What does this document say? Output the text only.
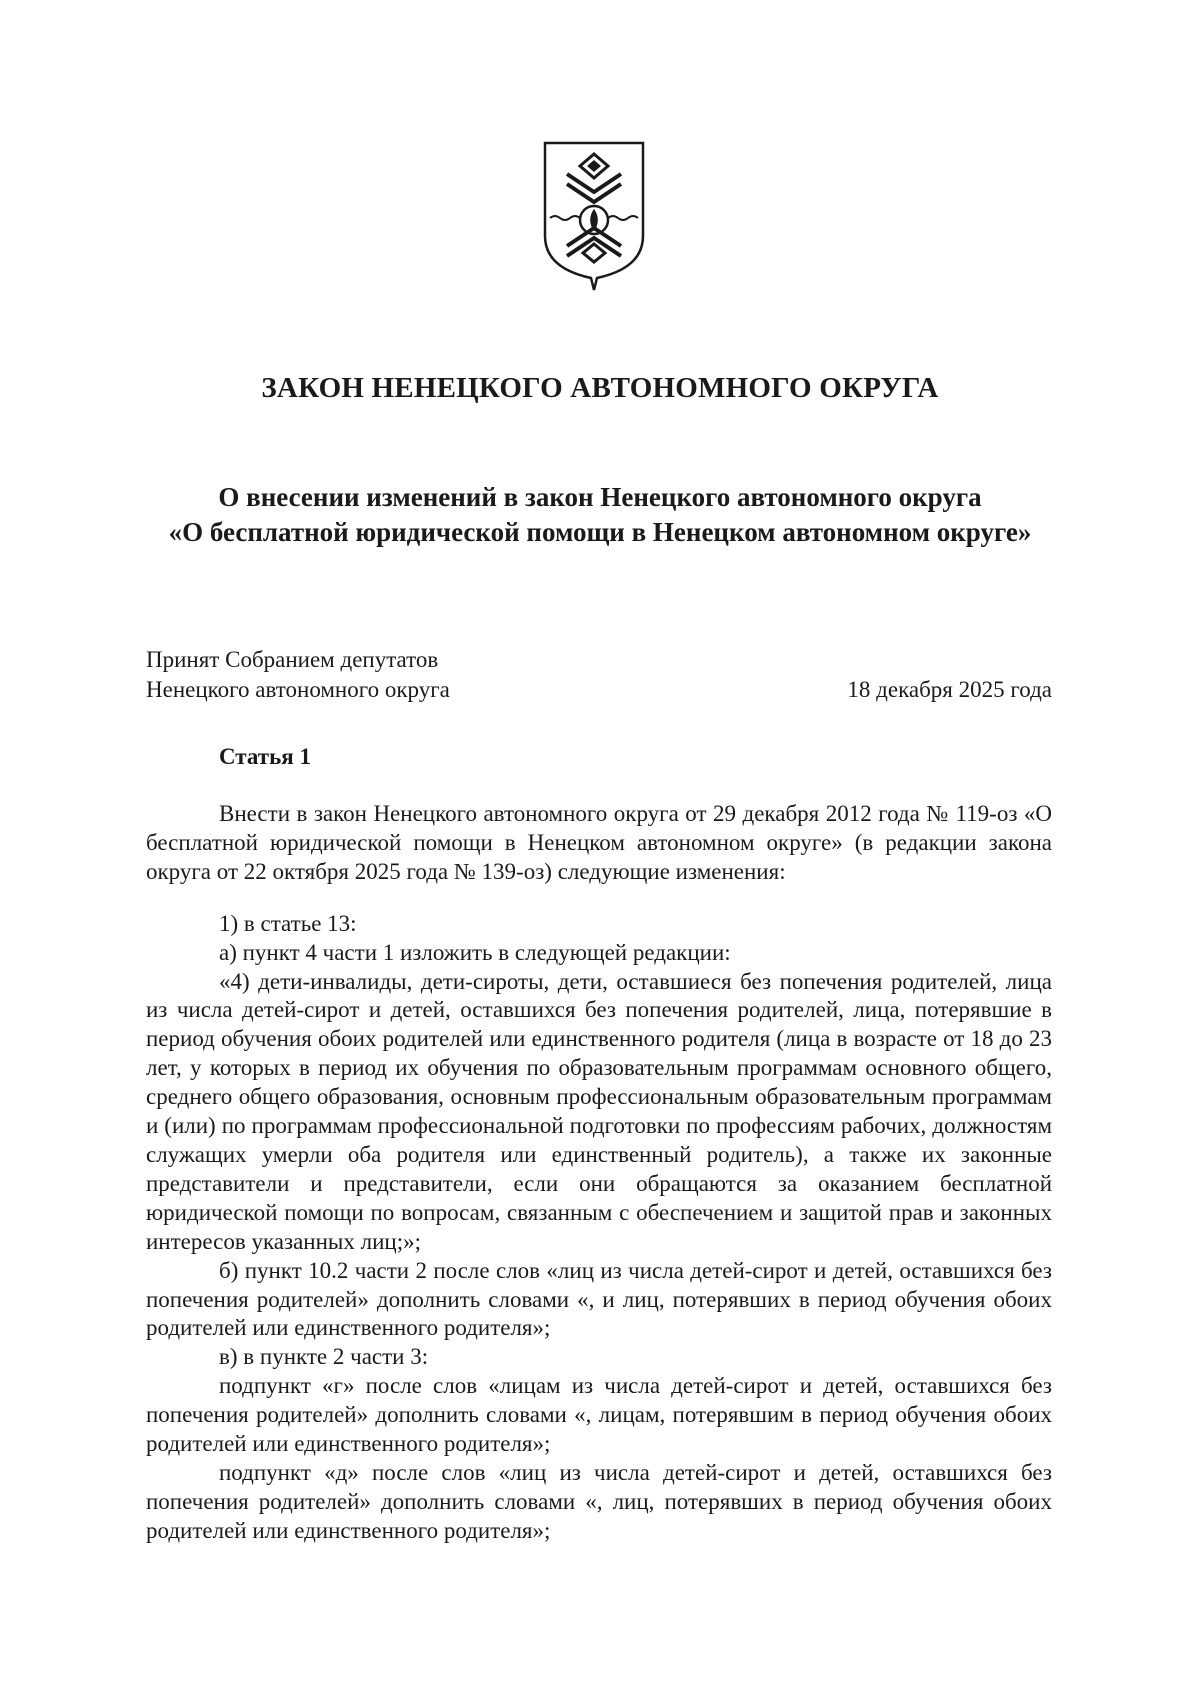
ЗАКОН НЕНЕЦКОГО АВТОНОМНОГО ОКРУГА
О внесении изменений в закон Ненецкого автономного округа
«О бесплатной юридической помощи в Ненецком автономном округе»
Принят Собранием депутатов
Ненецкого автономного округа	18 декабря 2025 года
Статья 1

Внести в закон Ненецкого автономного округа от 29 декабря 2012 года № 119-оз «О бесплатной юридической помощи в Ненецком автономном округе» (в редакции закона округа от 22 октября 2025 года № 139-оз) следующие изменения:

1) в статье 13:

а) пункт 4 части 1 изложить в следующей редакции:

«4) дети-инвалиды, дети-сироты, дети, оставшиеся без попечения родителей, лица из числа детей-сирот и детей, оставшихся без попечения родителей, лица, потерявшие в период обучения обоих родителей или единственного родителя (лица в возрасте от 18 до 23 лет, у которых в период их обучения по образовательным программам основного общего, среднего общего образования, основным профессиональным образовательным программам и (или) по программам профессиональной подготовки по профессиям рабочих, должностям служащих умерли оба родителя или единственный родитель), а также их законные представители и представители, если они обращаются за оказанием бесплатной юридической помощи по вопросам, связанным с обеспечением и защитой прав и законных интересов указанных лиц;»;

б) пункт 10.2 части 2 после слов «лиц из числа детей-сирот и детей, оставшихся без попечения родителей» дополнить словами «, и лиц, потерявших в период обучения обоих родителей или единственного родителя»;

в) в пункте 2 части 3:

подпункт «г» после слов «лицам из числа детей-сирот и детей, оставшихся без попечения родителей» дополнить словами «, лицам, потерявшим в период обучения обоих родителей или единственного родителя»;

подпункт «д» после слов «лиц из числа детей-сирот и детей, оставшихся без попечения родителей» дополнить словами «, лиц, потерявших в период обучения обоих родителей или единственного родителя»;
